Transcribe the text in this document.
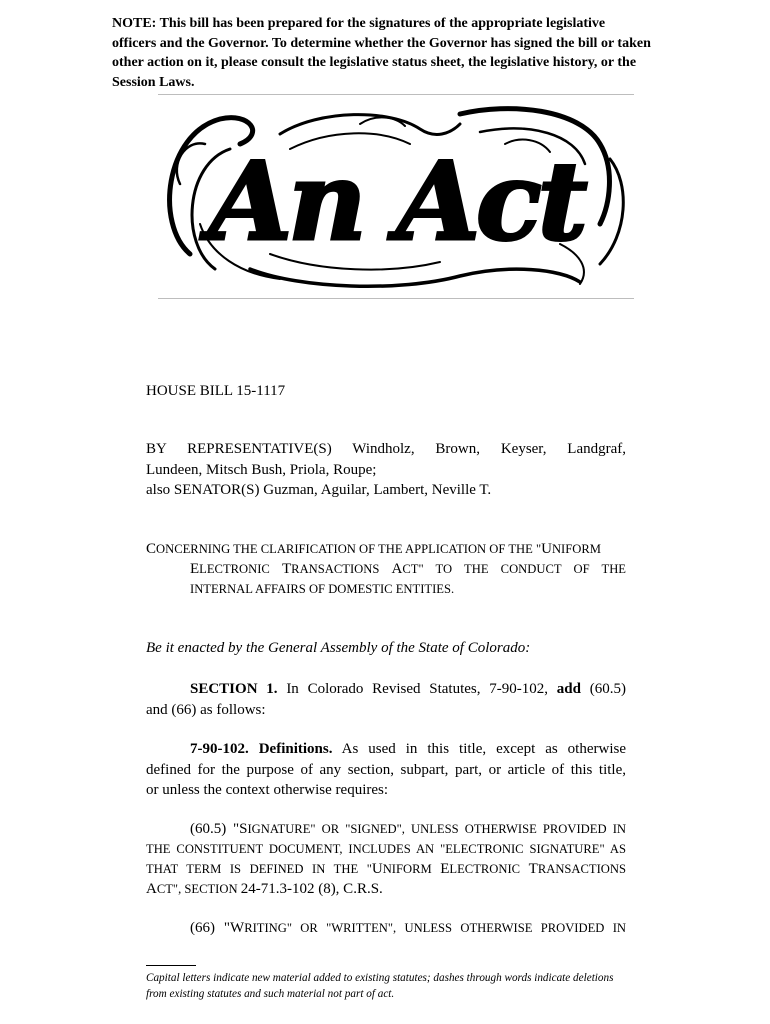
NOTE: This bill has been prepared for the signatures of the appropriate legislative officers and the Governor. To determine whether the Governor has signed the bill or taken other action on it, please consult the legislative status sheet, the legislative history, or the Session Laws.
An Act
HOUSE BILL 15-1117
BY REPRESENTATIVE(S) Windholz, Brown, Keyser, Landgraf,
Lundeen, Mitsch Bush, Priola, Roupe;
also SENATOR(S) Guzman, Aguilar, Lambert, Neville T.
CONCERNING THE CLARIFICATION OF THE APPLICATION OF THE "UNIFORM
ELECTRONIC TRANSACTIONS ACT" TO THE CONDUCT OF THE
INTERNAL AFFAIRS OF DOMESTIC ENTITIES.
Be it enacted by the General Assembly of the State of Colorado:
SECTION 1. In Colorado Revised Statutes, 7-90-102, add (60.5)
and (66) as follows:
7-90-102. Definitions. As used in this title, except as otherwise
defined for the purpose of any section, subpart, part, or article of this title,
or unless the context otherwise requires:
(60.5) "SIGNATURE" OR "SIGNED", UNLESS OTHERWISE PROVIDED IN
THE CONSTITUENT DOCUMENT, INCLUDES AN "ELECTRONIC SIGNATURE" AS
THAT TERM IS DEFINED IN THE "UNIFORM ELECTRONIC TRANSACTIONS
ACT", SECTION 24-71.3-102 (8), C.R.S.
(66) "WRITING" OR "WRITTEN", UNLESS OTHERWISE PROVIDED IN
Capital letters indicate new material added to existing statutes; dashes through words indicate deletions from existing statutes and such material not part of act.
